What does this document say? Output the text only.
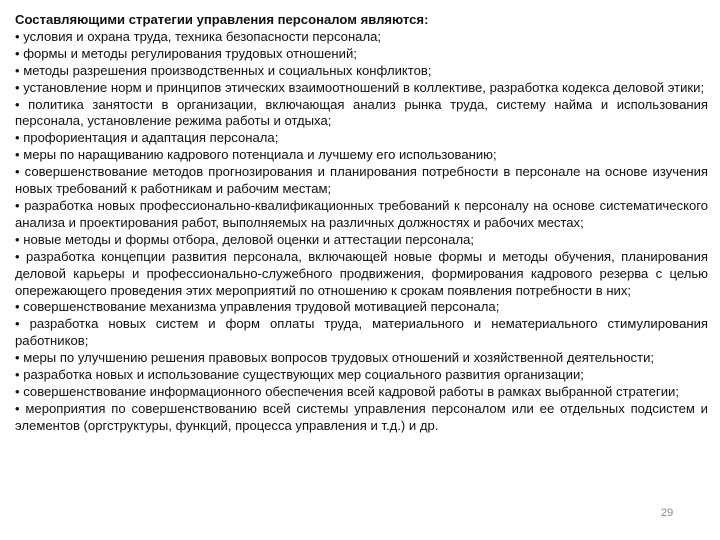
Составляющими стратегии управления персоналом являются:

• условия и охрана труда, техника безопасности персонала;

• формы и методы регулирования трудовых отношений;

• методы разрешения производственных и социальных конфликтов;

• установление норм и принципов этических взаимоотношений в коллективе, разработка кодекса деловой этики;

• политика занятости в организации, включающая анализ рынка труда, систему найма и использования персонала, установление режима работы и отдыха;

• профориентация и адаптация персонала;

• меры по наращиванию кадрового потенциала и лучшему его использованию;

• совершенствование методов прогнозирования и планирования потребности в персонале на основе изучения новых требований к работникам и рабочим местам;

• разработка новых профессионально-квалификационных требований к персоналу на основе систематического анализа и проектирования работ, выполняемых на различных должностях и рабочих местах;

• новые методы и формы отбора, деловой оценки и аттестации персонала;

• разработка концепции развития персонала, включающей новые формы и методы обучения, планирования деловой карьеры и профессионально-служебного продвижения, формирования кадрового резерва с целью опережающего проведения этих мероприятий по отношению к срокам появления потребности в них;

• совершенствование механизма управления трудовой мотивацией персонала;

• разработка новых систем и форм оплаты труда, материального и нематериального стимулирования работников;

• меры по улучшению решения правовых вопросов трудовых отношений и хозяйственной деятельности;

• разработка новых и использование существующих мер социального развития организации;

• совершенствование информационного обеспечения всей кадровой работы в рамках выбранной стратегии;

• мероприятия по совершенствованию всей системы управления персоналом или ее отдельных подсистем и элементов (оргструктуры, функций, процесса управления и т.д.) и др.

29
